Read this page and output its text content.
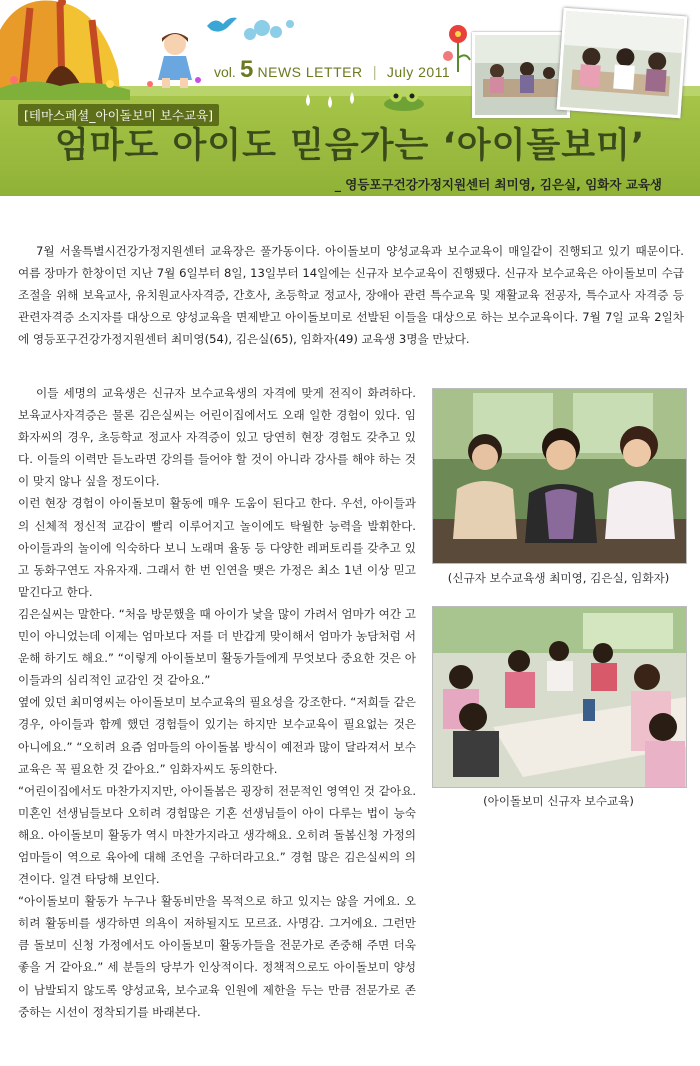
vol. 5 NEWS LETTER | July 2011
[테마스페셜_아이돌보미 보수교육]
엄마도 아이도 믿음가는 ‘아이돌보미’
_ 영등포구건강가정지원센터 최미영, 김은실, 임화자 교육생
7월 서울특별시건강가정지원센터 교육장은 풀가동이다. 아이돌보미 양성교육과 보수교육이 매일같이 진행되고 있기 때문이다. 여름 장마가 한창이던 지난 7월 6일부터 8일, 13일부터 14일에는 신규자 보수교육이 진행됐다. 신규자 보수교육은 아이돌보미 수급조절을 위해 보육교사, 유치원교사자격증, 간호사, 초등학교 정교사, 장애아 관련 특수교육 및 재활교육 전공자, 특수교사 자격증 등 관련자격증 소지자를 대상으로 양성교육을 면제받고 아이돌보미로 선발된 이들을 대상으로 하는 보수교육이다. 7월 7일 교육 2일차에 영등포구건강가정지원센터 최미영(54), 김은실(65), 임화자(49) 교육생 3명을 만났다.

이들 세명의 교육생은 신규자 보수교육생의 자격에 맞게 전직이 화려하다. 보육교사자격증은 물론 김은실씨는 어린이집에서도 오래 일한 경험이 있다. 임화자씨의 경우, 초등학교 정교사 자격증이 있고 당연히 현장 경험도 갖추고 있다. 이들의 이력만 듣노라면 강의를 들어야 할 것이 아니라 강사를 해야 하는 것이 맞지 않나 싶을 정도이다.

이런 현장 경험이 아이돌보미 활동에 매우 도움이 된다고 한다. 우선, 아이들과의 신체적 정신적 교감이 빨리 이루어지고 놀이에도 탁월한 능력을 발휘한다. 아이들과의 놀이에 익숙하다 보니 노래며 율동 등 다양한 레퍼토리를 갖추고 있고 동화구연도 자유자재. 그래서 한 번 인연을 맺은 가정은 최소 1년 이상 믿고 맡긴다고 한다.

김은실씨는 말한다. “처음 방문했을 때 아이가 낯을 많이 가려서 엄마가 여간 고민이 아니었는데 이제는 엄마보다 저를 더 반갑게 맞이해서 엄마가 농담처럼 서운해 하기도 해요.” “이렇게 아이돌보미 활동가들에게 무엇보다 중요한 것은 아이들과의 심리적인 교감인 것 같아요.”

옆에 있던 최미영씨는 아이돌보미 보수교육의 필요성을 강조한다. “저희들 같은 경우, 아이들과 함께 했던 경험들이 있기는 하지만 보수교육이 필요없는 것은 아니에요.” “오히려 요즘 엄마들의 아이돌봄 방식이 예전과 많이 달라져서 보수교육은 꼭 필요한 것 같아요.” 임화자씨도 동의한다.

“어린이집에서도 마찬가지지만, 아이돌봄은 굉장히 전문적인 영역인 것 같아요. 미혼인 선생님들보다 오히려 경험많은 기혼 선생님들이 아이 다루는 법이 능숙해요. 아이돌보미 활동가 역시 마찬가지라고 생각해요. 오히려 돌봄신청 가정의 엄마들이 역으로 육아에 대해 조언을 구하더라고요.” 경험 많은 김은실씨의 의견이다. 일견 타당해 보인다.

“아이돌보미 활동가 누구나 활동비만을 목적으로 하고 있지는 않을 거에요. 오히려 활동비를 생각하면 의욕이 저하될지도 모르죠. 사명감. 그거에요. 그런만큼 돌보미 신청 가정에서도 아이돌보미 활동가들을 전문가로 존중해 주면 더욱 좋을 거 같아요.” 세 분들의 당부가 인상적이다. 정책적으로도 아이돌보미 양성이 남발되지 않도록 양성교육, 보수교육 인원에 제한을 두는 만큼 전문가로 존중하는 시선이 정착되기를 바래본다.

(신규자 보수교육생 최미영, 김은실, 임화자)
(아이돌보미 신규자 보수교육)
